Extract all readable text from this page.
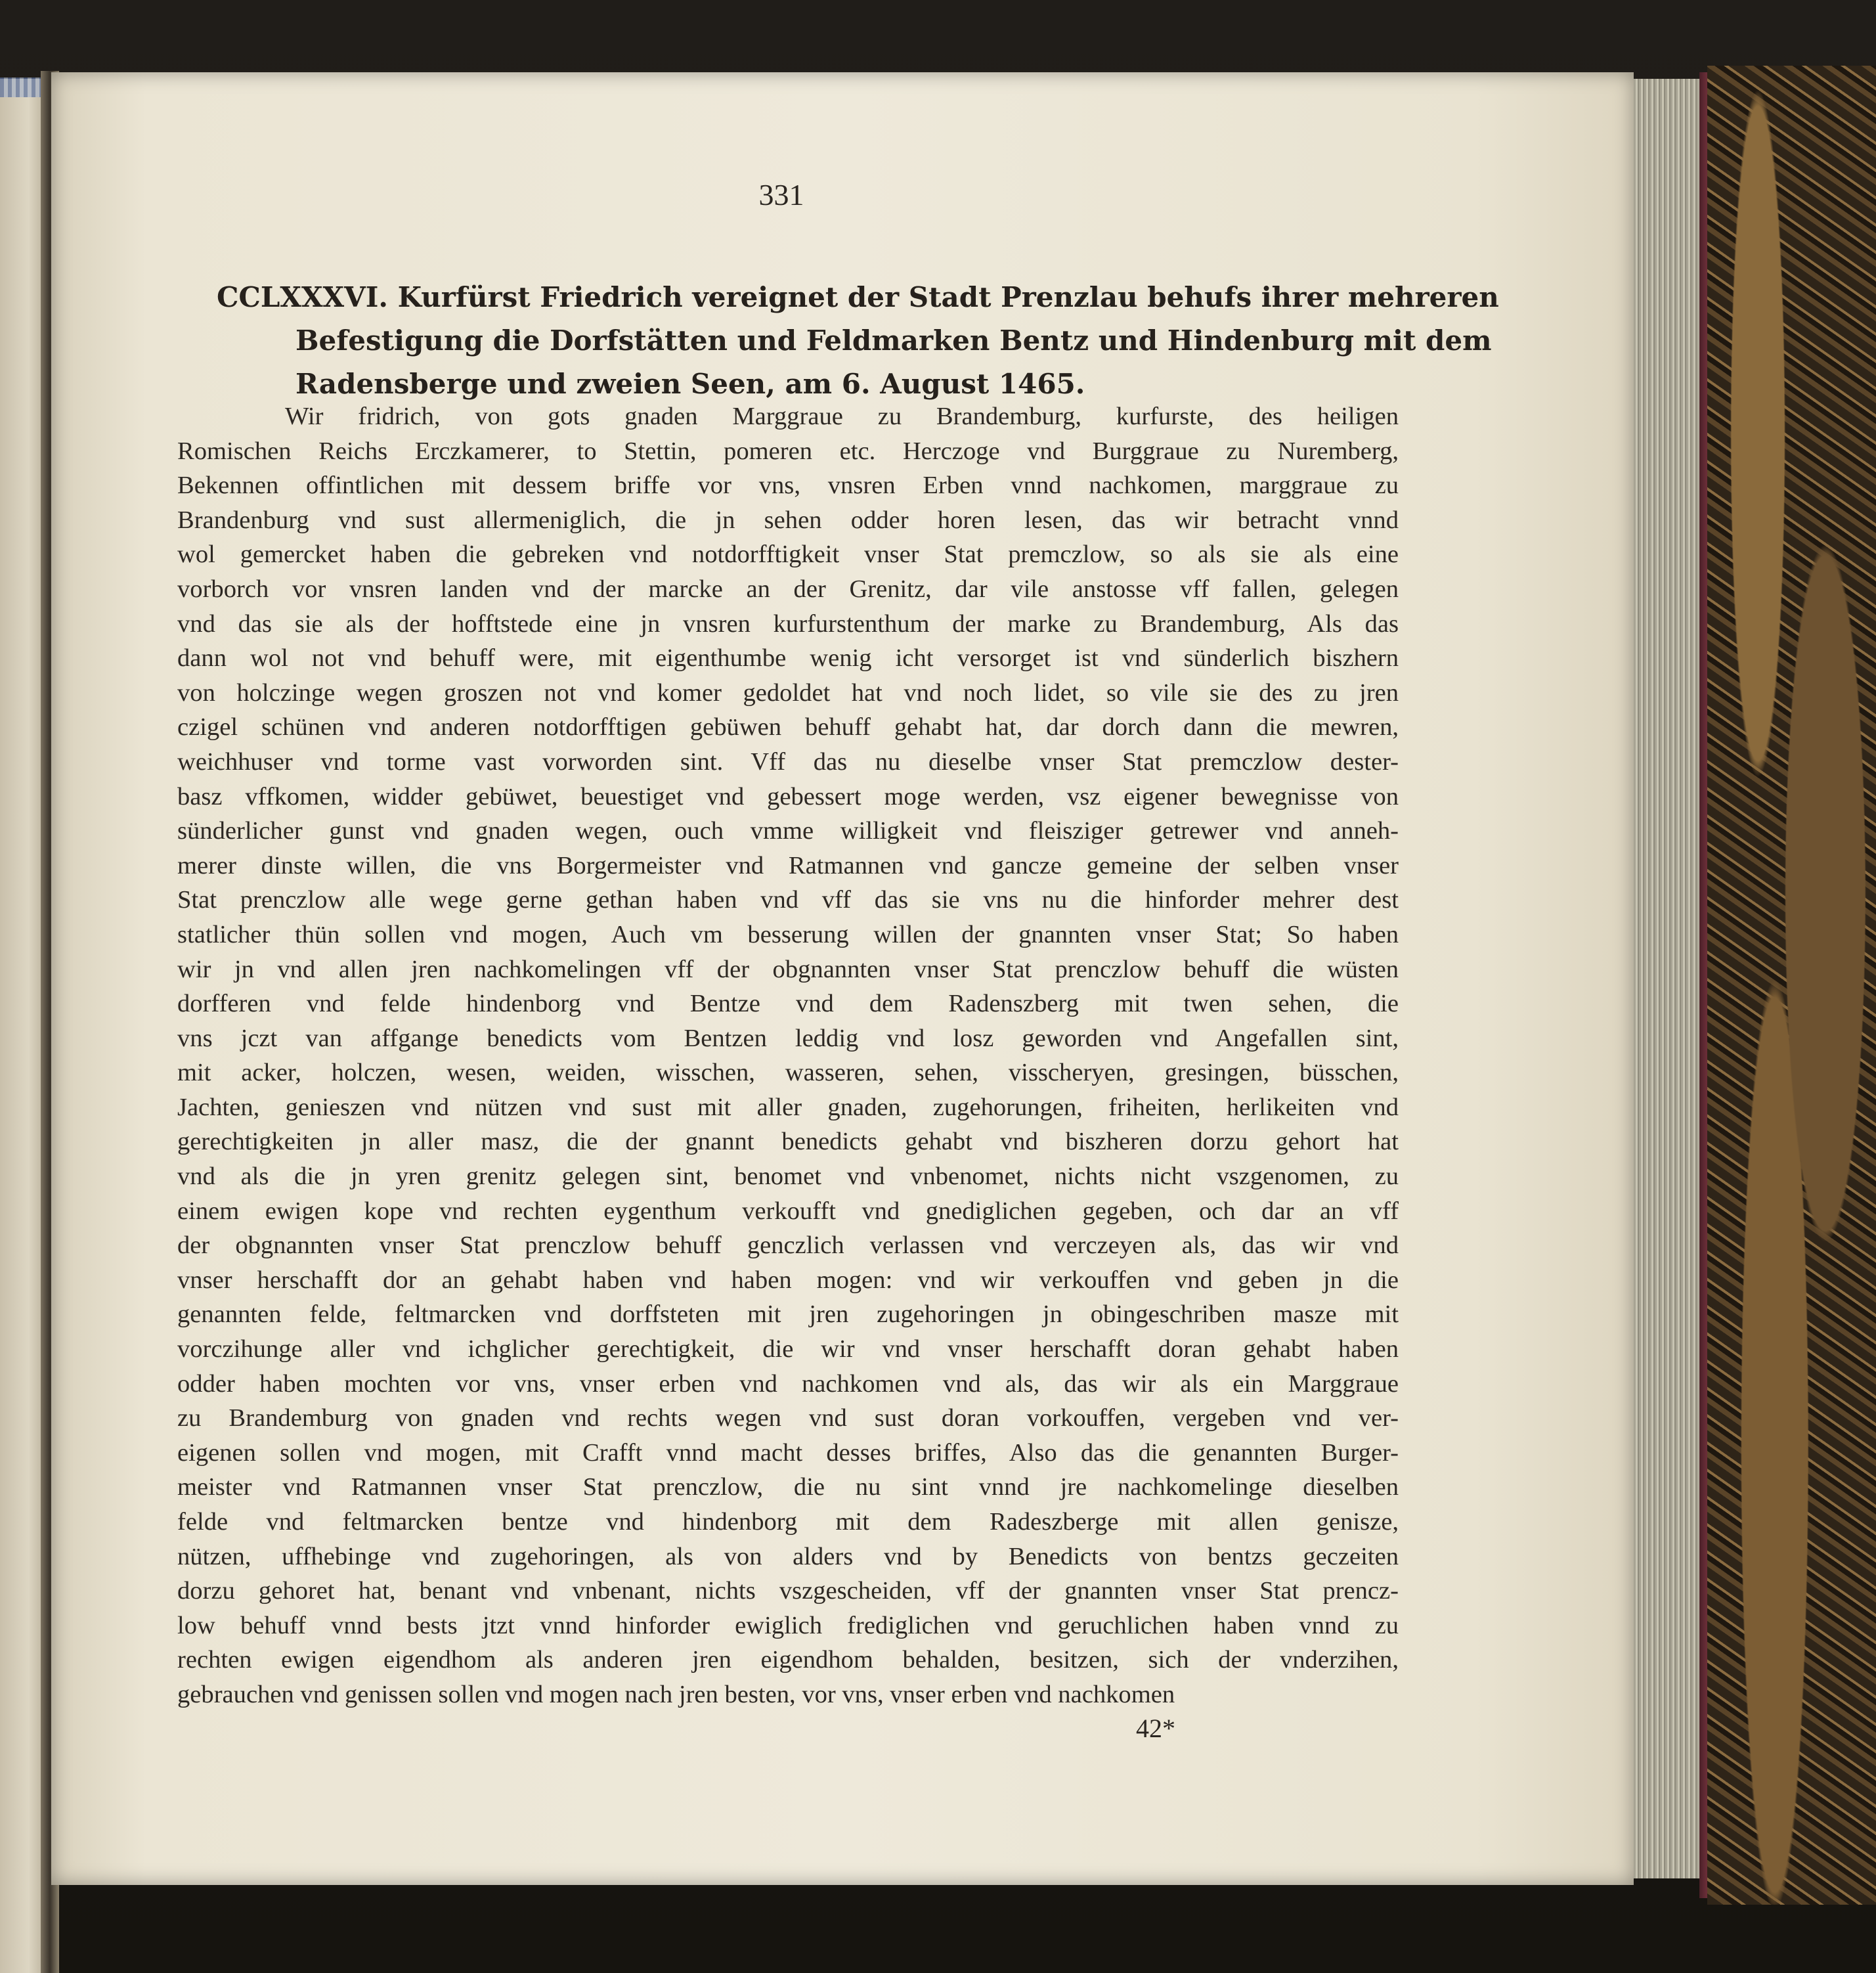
331
CCLXXXVI. Kurfürst Friedrich vereignet der Stadt Prenzlau behufs ihrer mehreren
Befestigung die Dorfstätten und Feldmarken Bentz und Hindenburg mit dem
Radensberge und zweien Seen, am 6. August 1465.
Wir fridrich, von gots gnaden Marggraue zu Brandemburg, kurfurste, des heiligen
Romischen Reichs Erczkamerer, to Stettin, pomeren etc. Herczoge vnd Burggraue zu Nuremberg,
Bekennen offintlichen mit dessem briffe vor vns, vnsren Erben vnnd nachkomen, marggraue zu
Brandenburg vnd sust allermeniglich, die jn sehen odder horen lesen, das wir betracht vnnd
wol gemercket haben die gebreken vnd notdorfftigkeit vnser Stat premczlow, so als sie als eine
vorborch vor vnsren landen vnd der marcke an der Grenitz, dar vile anstosse vff fallen, gelegen
vnd das sie als der hofftstede eine jn vnsren kurfurstenthum der marke zu Brandemburg, Als das
dann wol not vnd behuff were, mit eigenthumbe wenig icht versorget ist vnd sünderlich biszhern
von holczinge wegen groszen not vnd komer gedoldet hat vnd noch lidet, so vile sie des zu jren
czigel schünen vnd anderen notdorfftigen gebüwen behuff gehabt hat, dar dorch dann die mewren,
weichhuser vnd torme vast vorworden sint. Vff das nu dieselbe vnser Stat premczlow dester-
basz vffkomen, widder gebüwet, beuestiget vnd gebessert moge werden, vsz eigener bewegnisse von
sünderlicher gunst vnd gnaden wegen, ouch vmme willigkeit vnd fleisziger getrewer vnd anneh-
merer dinste willen, die vns Borgermeister vnd Ratmannen vnd gancze gemeine der selben vnser
Stat prenczlow alle wege gerne gethan haben vnd vff das sie vns nu die hinforder mehrer dest
statlicher thün sollen vnd mogen, Auch vm besserung willen der gnannten vnser Stat; So haben
wir jn vnd allen jren nachkomelingen vff der obgnannten vnser Stat prenczlow behuff die wüsten
dorfferen vnd felde hindenborg vnd Bentze vnd dem Radenszberg mit twen sehen, die
vns jczt van affgange benedicts vom Bentzen leddig vnd losz geworden vnd Angefallen sint,
mit acker, holczen, wesen, weiden, wisschen, wasseren, sehen, visscheryen, gresingen, büsschen,
Jachten, genieszen vnd nützen vnd sust mit aller gnaden, zugehorungen, friheiten, herlikeiten vnd
gerechtigkeiten jn aller masz, die der gnannt benedicts gehabt vnd biszheren dorzu gehort hat
vnd als die jn yren grenitz gelegen sint, benomet vnd vnbenomet, nichts nicht vszgenomen, zu
einem ewigen kope vnd rechten eygenthum verkoufft vnd gnediglichen gegeben, och dar an vff
der obgnannten vnser Stat prenczlow behuff genczlich verlassen vnd verczeyen als, das wir vnd
vnser herschafft dor an gehabt haben vnd haben mogen: vnd wir verkouffen vnd geben jn die
genannten felde, feltmarcken vnd dorffsteten mit jren zugehoringen jn obingeschriben masze mit
vorczihunge aller vnd ichglicher gerechtigkeit, die wir vnd vnser herschafft doran gehabt haben
odder haben mochten vor vns, vnser erben vnd nachkomen vnd als, das wir als ein Marggraue
zu Brandemburg von gnaden vnd rechts wegen vnd sust doran vorkouffen, vergeben vnd ver-
eigenen sollen vnd mogen, mit Crafft vnnd macht desses briffes, Also das die genannten Burger-
meister vnd Ratmannen vnser Stat prenczlow, die nu sint vnnd jre nachkomelinge dieselben
felde vnd feltmarcken bentze vnd hindenborg mit dem Radeszberge mit allen genisze,
nützen, uffhebinge vnd zugehoringen, als von alders vnd by Benedicts von bentzs geczeiten
dorzu gehoret hat, benant vnd vnbenant, nichts vszgescheiden, vff der gnannten vnser Stat prencz-
low behuff vnnd bests jtzt vnnd hinforder ewiglich frediglichen vnd geruchlichen haben vnnd zu
rechten ewigen eigendhom als anderen jren eigendhom behalden, besitzen, sich der vnderzihen,
gebrauchen vnd genissen sollen vnd mogen nach jren besten, vor vns, vnser erben vnd nachkomen
42*
